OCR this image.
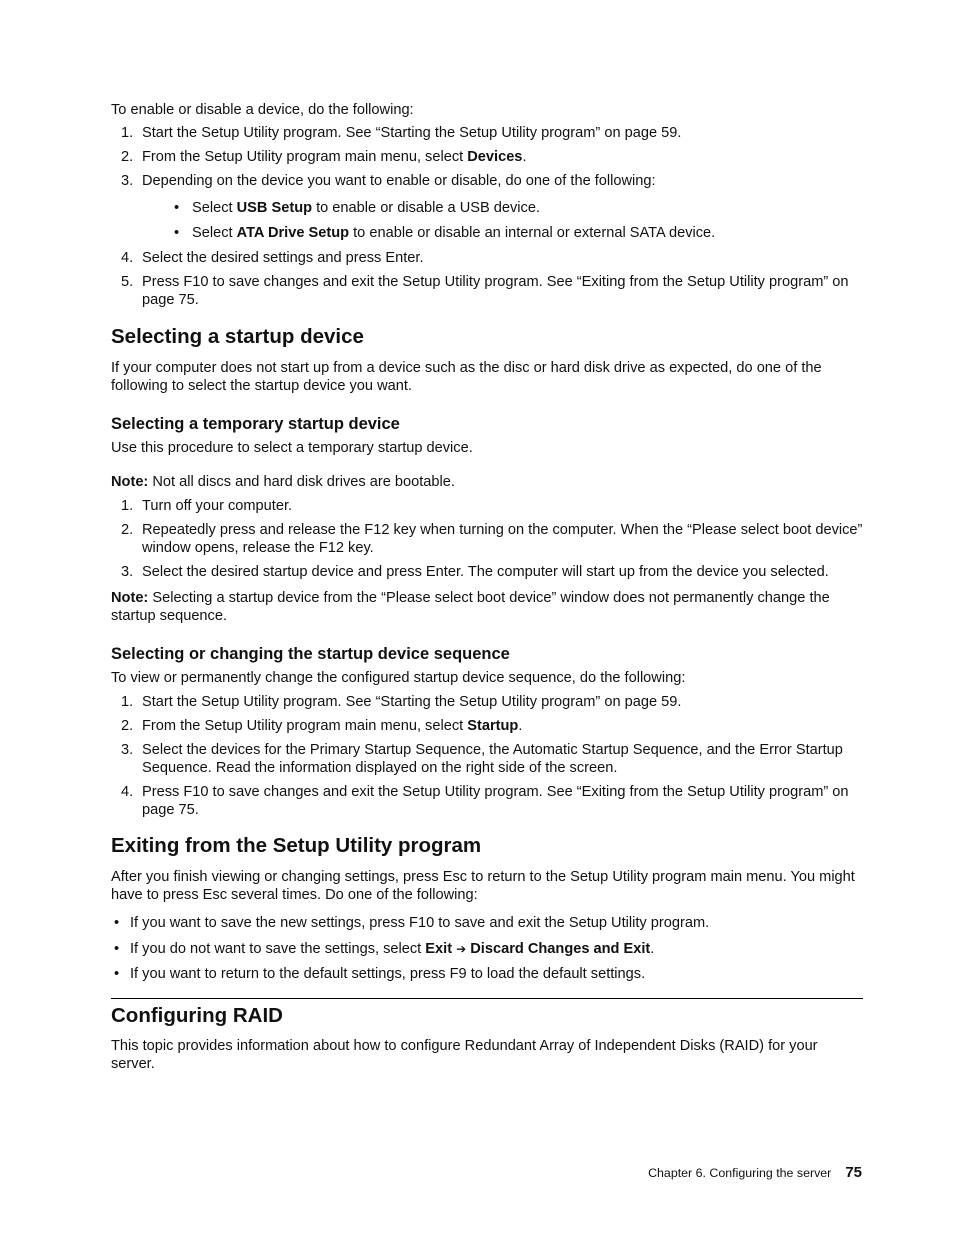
To enable or disable a device, do the following:

1. Start the Setup Utility program. See “Starting the Setup Utility program” on page 59.
2. From the Setup Utility program main menu, select Devices.
3. Depending on the device you want to enable or disable, do one of the following:
• Select USB Setup to enable or disable a USB device.
• Select ATA Drive Setup to enable or disable an internal or external SATA device.
4. Select the desired settings and press Enter.
5. Press F10 to save changes and exit the Setup Utility program. See “Exiting from the Setup Utility program” on page 75.
Selecting a startup device

If your computer does not start up from a device such as the disc or hard disk drive as expected, do one of the following to select the startup device you want.

Selecting a temporary startup device

Use this procedure to select a temporary startup device.

Note: Not all discs and hard disk drives are bootable.

1. Turn off your computer.
2. Repeatedly press and release the F12 key when turning on the computer. When the “Please select boot device” window opens, release the F12 key.
3. Select the desired startup device and press Enter. The computer will start up from the device you selected.

Note: Selecting a startup device from the “Please select boot device” window does not permanently change the startup sequence.

Selecting or changing the startup device sequence

To view or permanently change the configured startup device sequence, do the following:

1. Start the Setup Utility program. See “Starting the Setup Utility program” on page 59.
2. From the Setup Utility program main menu, select Startup.
3. Select the devices for the Primary Startup Sequence, the Automatic Startup Sequence, and the Error Startup Sequence. Read the information displayed on the right side of the screen.
4. Press F10 to save changes and exit the Setup Utility program. See “Exiting from the Setup Utility program” on page 75.
Exiting from the Setup Utility program

After you finish viewing or changing settings, press Esc to return to the Setup Utility program main menu. You might have to press Esc several times. Do one of the following:

• If you want to save the new settings, press F10 to save and exit the Setup Utility program.
• If you do not want to save the settings, select Exit ➔ Discard Changes and Exit.
• If you want to return to the default settings, press F9 to load the default settings.
Configuring RAID

This topic provides information about how to configure Redundant Array of Independent Disks (RAID) for your server.

Chapter 6. Configuring the server 75
